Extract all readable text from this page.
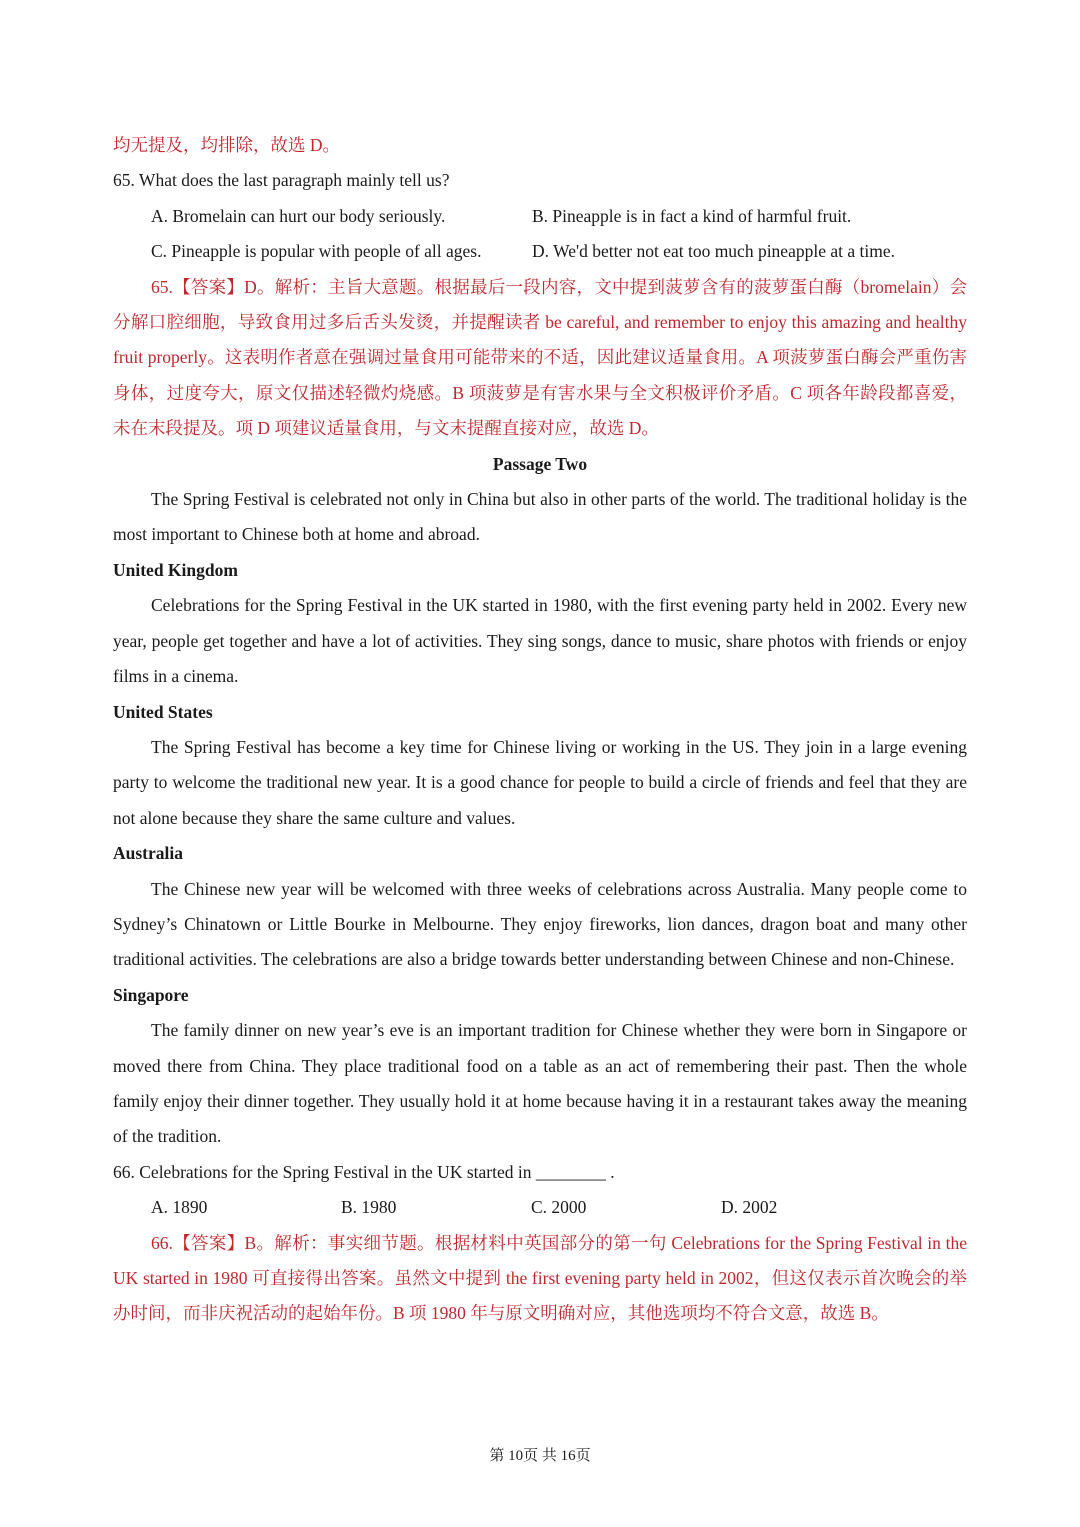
均无提及，均排除，故选 D。

65. What does the last paragraph mainly tell us?

A. Bromelain can hurt our body seriously.	B. Pineapple is in fact a kind of harmful fruit.
C. Pineapple is popular with people of all ages.	D. We'd better not eat too much pineapple at a time.

65.【答案】D。解析：主旨大意题。根据最后一段内容，文中提到菠萝含有的菠萝蛋白酶（bromelain）会分解口腔细胞，导致食用过多后舌头发烫，并提醒读者 be careful, and remember to enjoy this amazing and healthy fruit properly。这表明作者意在强调过量食用可能带来的不适，因此建议适量食用。A 项菠萝蛋白酶会严重伤害身体，过度夸大，原文仅描述轻微灼烧感。B 项菠萝是有害水果与全文积极评价矛盾。C 项各年龄段都喜爱，未在末段提及。项 D 项建议适量食用，与文末提醒直接对应，故选 D。

Passage Two

The Spring Festival is celebrated not only in China but also in other parts of the world. The traditional holiday is the most important to Chinese both at home and abroad.

United Kingdom

Celebrations for the Spring Festival in the UK started in 1980, with the first evening party held in 2002. Every new year, people get together and have a lot of activities. They sing songs, dance to music, share photos with friends or enjoy films in a cinema.

United States

The Spring Festival has become a key time for Chinese living or working in the US. They join in a large evening party to welcome the traditional new year. It is a good chance for people to build a circle of friends and feel that they are not alone because they share the same culture and values.

Australia

The Chinese new year will be welcomed with three weeks of celebrations across Australia. Many people come to Sydney’s Chinatown or Little Bourke in Melbourne. They enjoy fireworks, lion dances, dragon boat and many other traditional activities. The celebrations are also a bridge towards better understanding between Chinese and non-Chinese.

Singapore

The family dinner on new year’s eve is an important tradition for Chinese whether they were born in Singapore or moved there from China. They place traditional food on a table as an act of remembering their past. Then the whole family enjoy their dinner together. They usually hold it at home because having it in a restaurant takes away the meaning of the tradition.

66. Celebrations for the Spring Festival in the UK started in ________ .

A. 1890	B. 1980	C. 2000	D. 2002

66.【答案】B。解析：事实细节题。根据材料中英国部分的第一句 Celebrations for the Spring Festival in the UK started in 1980 可直接得出答案。虽然文中提到 the first evening party held in 2002，但这仅表示首次晚会的举办时间，而非庆祝活动的起始年份。B 项 1980 年与原文明确对应，其他选项均不符合文意，故选 B。

第 10页 共 16页
